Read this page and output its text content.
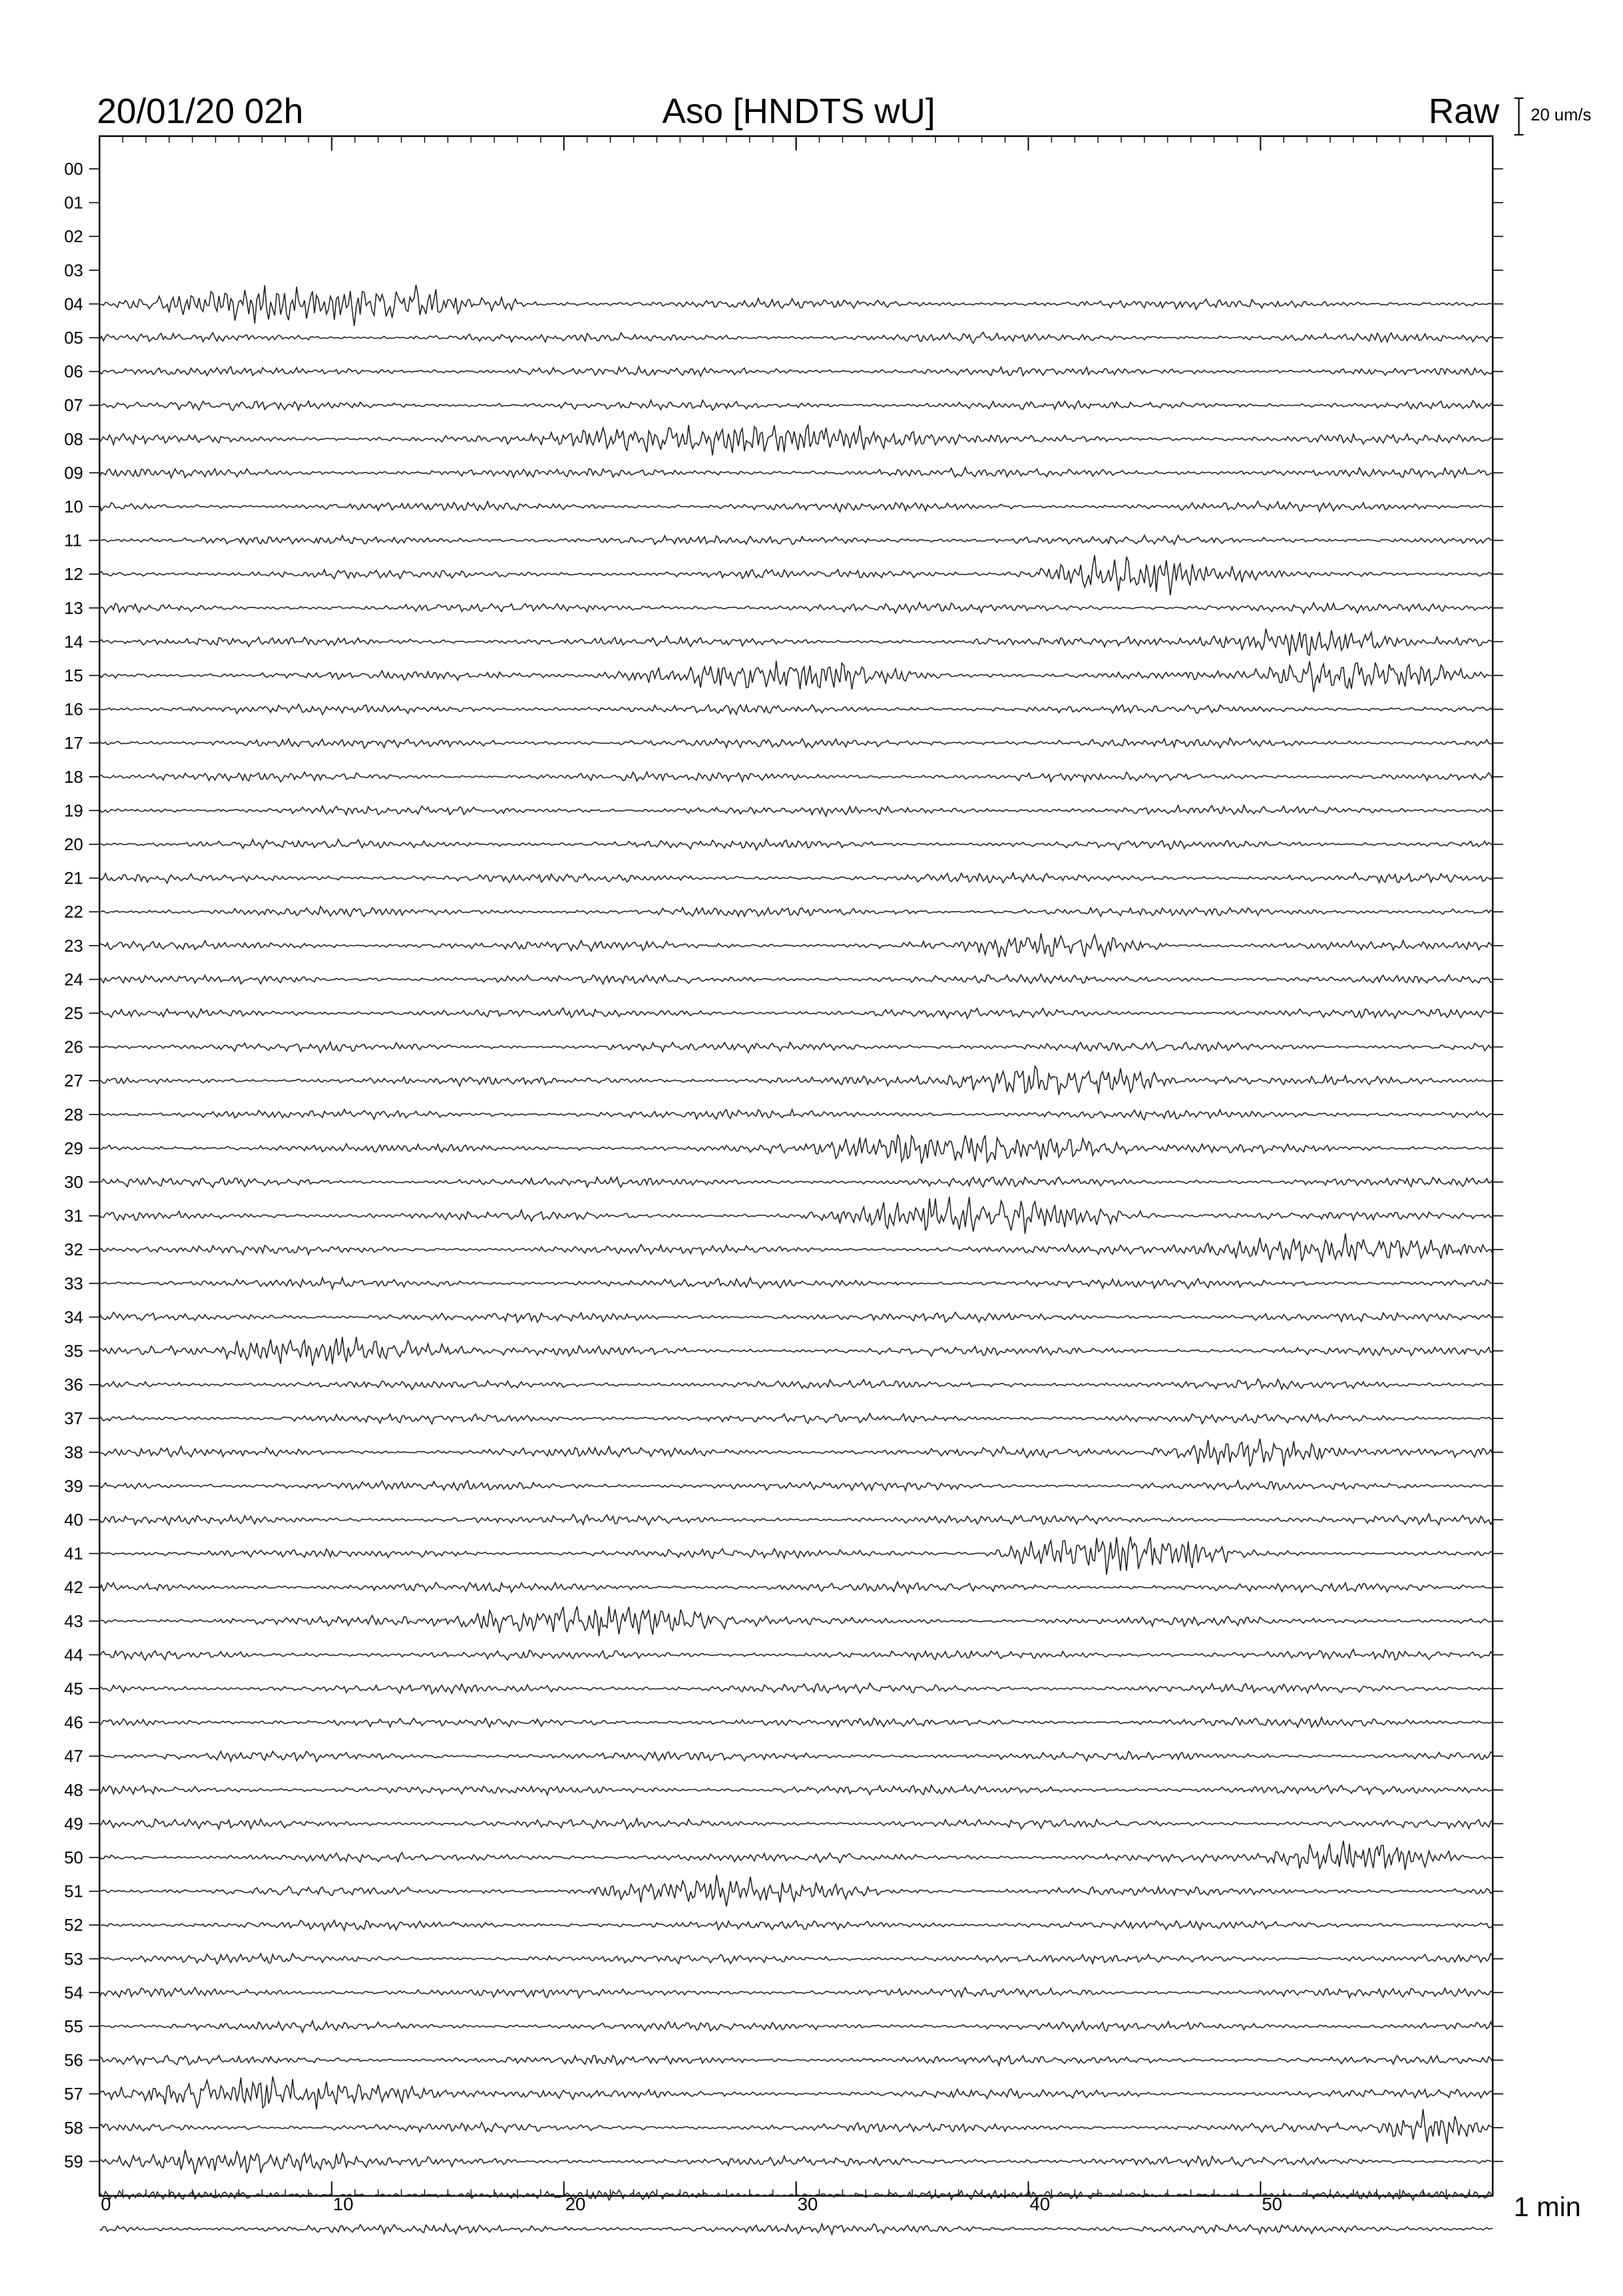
20/01/20 02h	Aso [HNDTS wU]	Raw 20 um/s
1 min
00
01
02
03
04
05
06
07
08
09
10
11
12
13
14
15
16
17
18
19
20
21
22
23
24
25
26
27
28
29
30
31
32
33
34
35
36
37
38
39
40
41
42
43
44
45
46
47
48
49
50
51
52
53
54
55
56
57
58
59
0	10	20	30	40	50
